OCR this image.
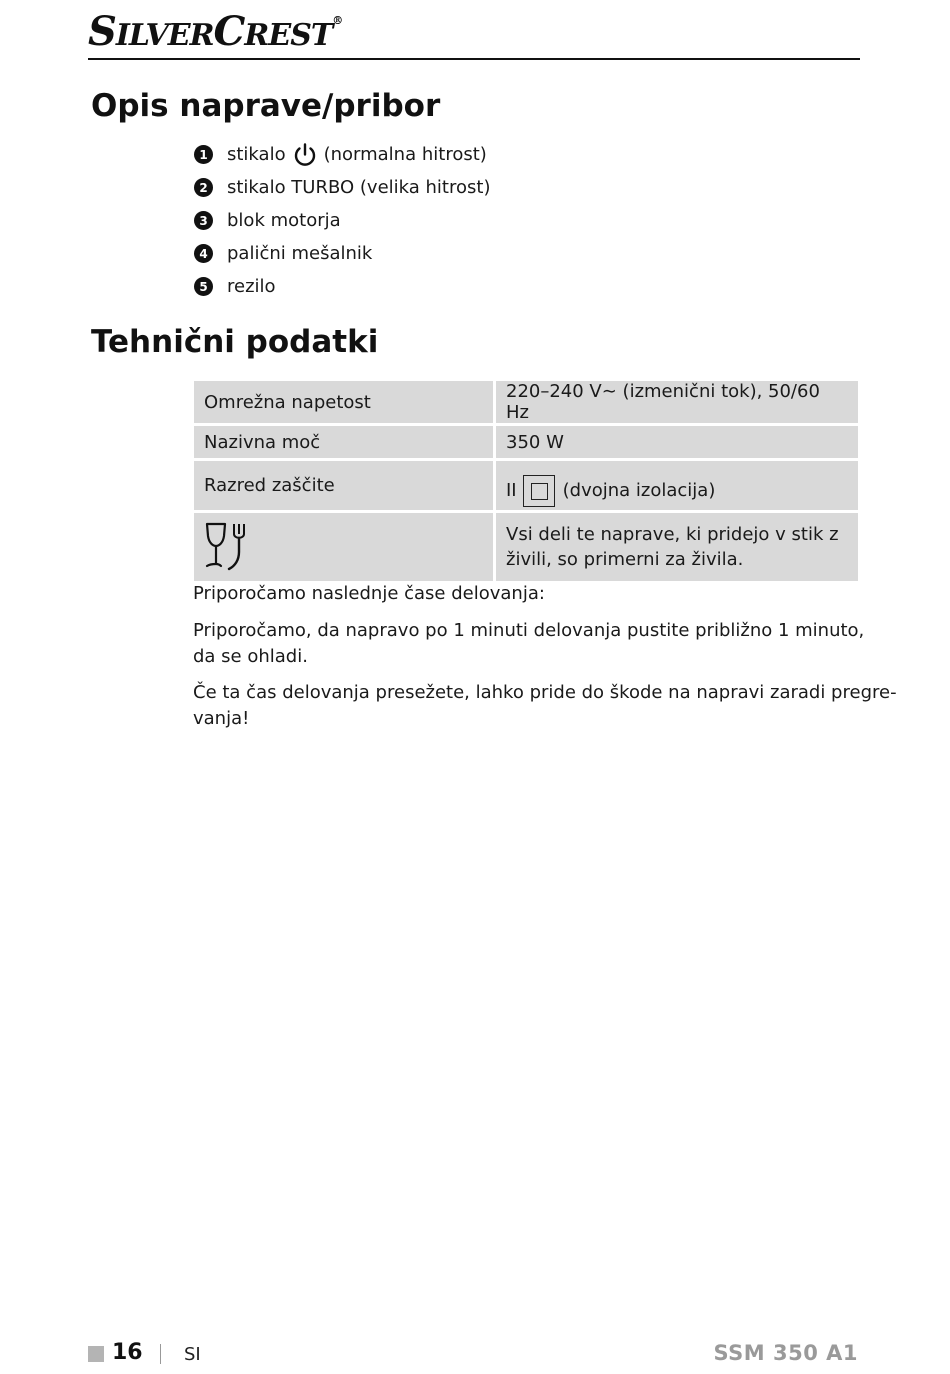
SILVERCREST®
Opis naprave/pribor
1 stikalo (normalna hitrost)
2 stikalo TURBO (velika hitrost)
3 blok motorja
4 palični mešalnik
5 rezilo
Tehnični podatki
Omrežna napetost	220–240 V∼ (izmenični tok), 50/60 Hz
Nazivna moč	350 W
Razred zaščite	II (dvojna izolacija)

Vsi deli te naprave, ki pridejo v stik z
živili, so primerni za živila.
Priporočamo naslednje čase delovanja:
Priporočamo, da napravo po 1 minuti delovanja pustite približno 1 minuto,
da se ohladi.
Če ta čas delovanja presežete, lahko pride do škode na napravi zaradi pregre-
vanja!
16 SI	SSM 350 A1
